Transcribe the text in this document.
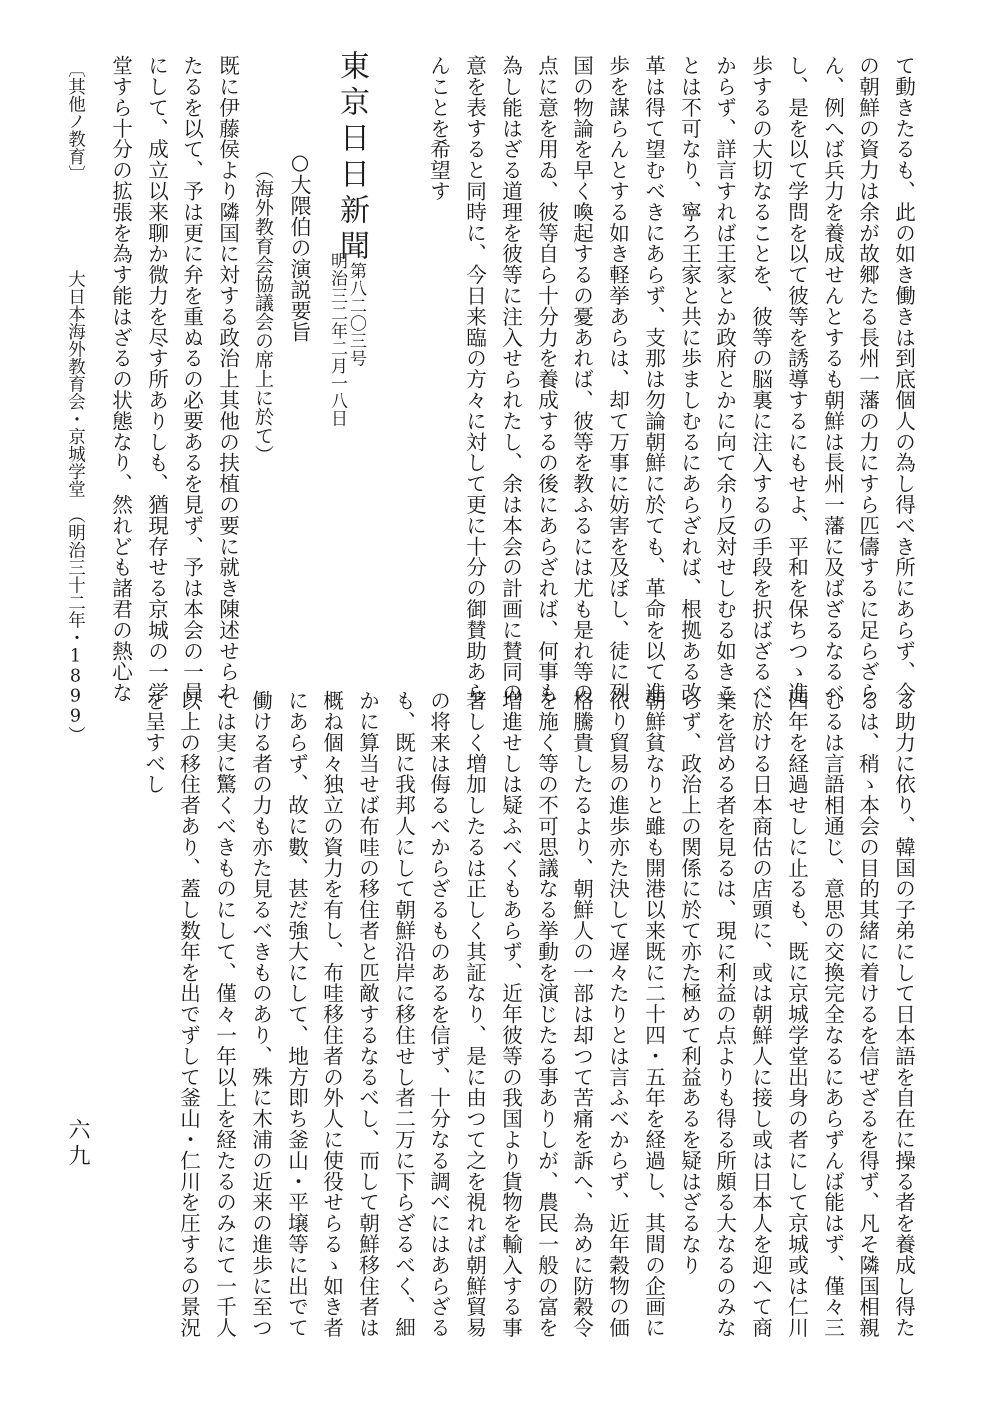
て動きたるも、此の如き働きは到底個人の為し得べき所にあらず、今
の朝鮮の資力は余が故郷たる長州一藩の力にすら匹儔するに足らざら
ん、例へば兵力を養成せんとするも朝鮮は長州一藩に及ばざるなるべ
し、是を以て学問を以て彼等を誘導するにもせよ、平和を保ちつゝ進
歩するの大切なることを、彼等の脳裏に注入するの手段を択ばざるべ
からず、詳言すれば王家とか政府とかに向て余り反対せしむる如きこ
とは不可なり、寧ろ王家と共に歩ましむるにあらざれば、根拠ある改
革は得て望むべきにあらず、支那は勿論朝鮮に於ても、革命を以て進
歩を謀らんとする如き軽挙あらは、却て万事に妨害を及ぼし、徒に列
国の物論を早く喚起するの憂あれば、彼等を教ふるには尤も是れ等の
点に意を用ゐ、彼等自ら十分力を養成するの後にあらざれば、何事も
為し能はざる道理を彼等に注入せられたし、余は本会の計画に賛同の
意を表すると同時に、今日来臨の方々に対して更に十分の御賛助あら
んことを希望す
東京日日新聞
第八二〇三号
明治三二年二月一八日
○大隈伯の演説要旨
（海外教育会協議会の席上に於て）
既に伊藤侯より隣国に対する政治上其他の扶植の要に就き陳述せられ
たるを以て、予は更に弁を重ぬるの必要あるを見ず、予は本会の一員
にして、成立以来聊か微力を尽す所ありしも、猶現存せる京城の一学
堂すら十分の拡張を為す能はざるの状態なり、然れども諸君の熱心な
〔其他ノ教育〕
大日本海外教育会・京城学堂　（明治三十二年・1899）
る助力に依り、韓国の子弟にして日本語を自在に操る者を養成し得た
るは、稍ゝ本会の目的其緒に着けるを信ぜざるを得ず、凡そ隣国相親
むるは言語相通じ、意思の交換完全なるにあらずんば能はず、僅々三
四年を経過せしに止るも、既に京城学堂出身の者にして京城或は仁川
に於ける日本商估の店頭に、或は朝鮮人に接し或は日本人を迎へて商
業を営める者を見るは、現に利益の点よりも得る所頗る大なるのみな
らず、政治上の関係に於て亦た極めて利益あるを疑はざるなり
朝鮮貧なりと雖も開港以来既に二十四・五年を経過し、其間の企画に
依り貿易の進歩亦た決して遅々たりとは言ふべからず、近年穀物の価
格騰貴したるより、朝鮮人の一部は却つて苦痛を訴へ、為めに防穀令
を施く等の不可思議なる挙動を演じたる事ありしが、農民一般の富を
増進せしは疑ふべくもあらず、近年彼等の我国より貨物を輸入する事
著しく増加したるは正しく其証なり、是に由つて之を視れば朝鮮貿易
の将来は侮るべからざるものあるを信ず、十分なる調べにはあらざる
も、既に我邦人にして朝鮮沿岸に移住せし者二万に下らざるべく、細
かに算当せば布哇の移住者と匹敵するなるべし、而して朝鮮移住者は
概ね個々独立の資力を有し、布哇移住者の外人に使役せらるゝ如き者
にあらず、故に數、甚だ強大にして、地方即ち釜山・平壌等に出でて
働ける者の力も亦た見るべきものあり、殊に木浦の近来の進歩に至つ
ては実に驚くべきものにして、僅々一年以上を経たるのみにて一千人
以上の移住者あり、蓋し数年を出でずして釜山・仁川を圧するの景況
を呈すべし
六九
